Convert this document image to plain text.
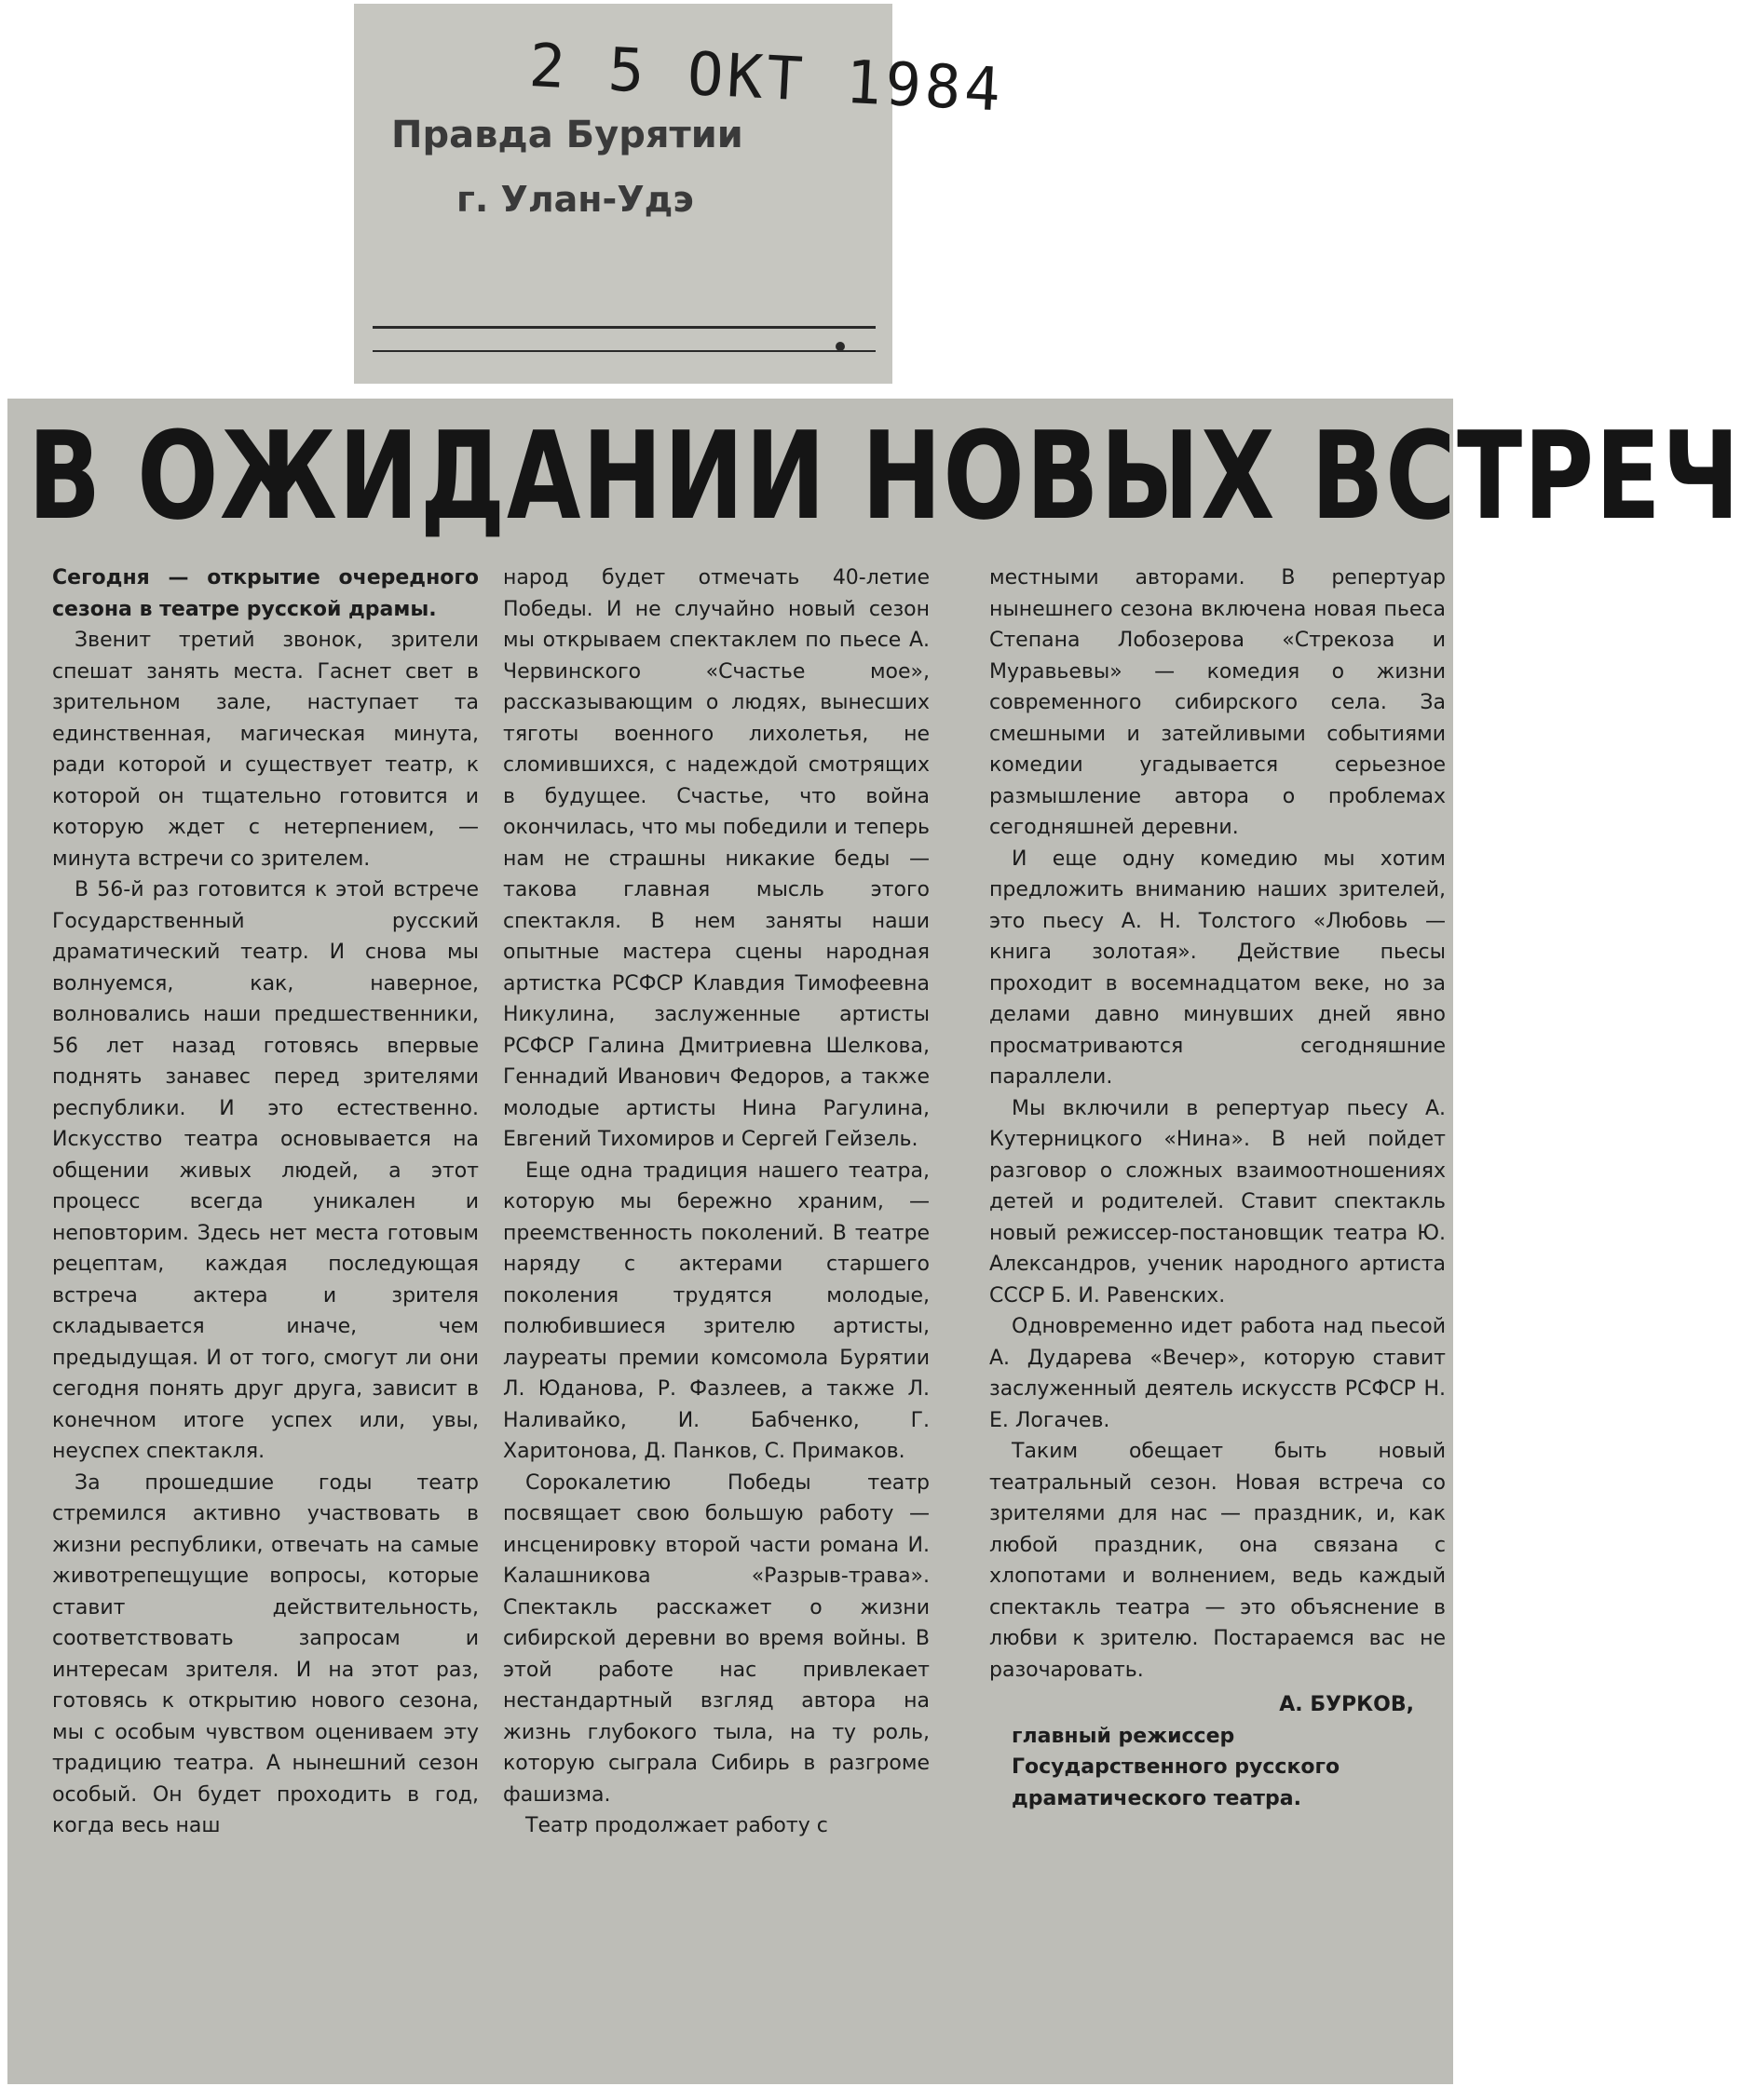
2 5 ОКТ 1984
Правда Бурятии
г. Улан-Удэ
В ОЖИДАНИИ НОВЫХ ВСТРЕЧ

Сегодня — открытие очередного сезона в театре русской драмы.

Звенит третий звонок, зрители спешат занять места. Гаснет свет в зрительном зале, наступает та единственная, магическая минута, ради которой и существует театр, к которой он тщательно готовится и которую ждет с нетерпением, — минута встречи со зрителем.

В 56-й раз готовится к этой встрече Государственный русский драматический театр. И снова мы волнуемся, как, наверное, волновались наши предшественники, 56 лет назад готовясь впервые поднять занавес перед зрителями республики. И это естественно. Искусство театра основывается на общении живых людей, а этот процесс всегда уникален и неповторим. Здесь нет места готовым рецептам, каждая последующая встреча актера и зрителя складывается иначе, чем предыдущая. И от того, смогут ли они сегодня понять друг друга, зависит в конечном итоге успех или, увы, неуспех спектакля.

За прошедшие годы театр стремился активно участвовать в жизни республики, отвечать на самые животрепещущие вопросы, которые ставит действительность, соответствовать запросам и интересам зрителя. И на этот раз, готовясь к открытию нового сезона, мы с особым чувством оцениваем эту традицию театра. А нынешний сезон особый. Он будет проходить в год, когда весь наш

народ будет отмечать 40-летие Победы. И не случайно новый сезон мы открываем спектаклем по пьесе А. Червинского «Счастье мое», рассказывающим о людях, вынесших тяготы военного лихолетья, не сломившихся, с надеждой смотрящих в будущее. Счастье, что война окончилась, что мы победили и теперь нам не страшны никакие беды — такова главная мысль этого спектакля. В нем заняты наши опытные мастера сцены народная артистка РСФСР Клавдия Тимофеевна Никулина, заслуженные артисты РСФСР Галина Дмитриевна Шелкова, Геннадий Иванович Федоров, а также молодые артисты Нина Рагулина, Евгений Тихомиров и Сергей Гейзель.

Еще одна традиция нашего театра, которую мы бережно храним, — преемственность поколений. В театре наряду с актерами старшего поколения трудятся молодые, полюбившиеся зрителю артисты, лауреаты премии комсомола Бурятии Л. Юданова, Р. Фазлеев, а также Л. Наливайко, И. Бабченко, Г. Харитонова, Д. Панков, С. Примаков.

Сорокалетию Победы театр посвящает свою большую работу — инсценировку второй части романа И. Калашникова «Разрыв-трава». Спектакль расскажет о жизни сибирской деревни во время войны. В этой работе нас привлекает нестандартный взгляд автора на жизнь глубокого тыла, на ту роль, которую сыграла Сибирь в разгроме фашизма.

Театр продолжает работу с

местными авторами. В репертуар нынешнего сезона включена новая пьеса Степана Лобозерова «Стрекоза и Муравьевы» — комедия о жизни современного сибирского села. За смешными и затейливыми событиями комедии угадывается серьезное размышление автора о проблемах сегодняшней деревни.

И еще одну комедию мы хотим предложить вниманию наших зрителей, это пьесу А. Н. Толстого «Любовь — книга золотая». Действие пьесы проходит в восемнадцатом веке, но за делами давно минувших дней явно просматриваются сегодняшние параллели.

Мы включили в репертуар пьесу А. Кутерницкого «Нина». В ней пойдет разговор о сложных взаимоотношениях детей и родителей. Ставит спектакль новый режиссер-постановщик театра Ю. Александров, ученик народного артиста СССР Б. И. Равенских.

Одновременно идет работа над пьесой А. Дударева «Вечер», которую ставит заслуженный деятель искусств РСФСР Н. Е. Логачев.

Таким обещает быть новый театральный сезон. Новая встреча со зрителями для нас — праздник, и, как любой праздник, она связана с хлопотами и волнением, ведь каждый спектакль театра — это объяснение в любви к зрителю. Постараемся вас не разочаровать.

А. БУРКОВ,

главный режиссер Государственного русского драматического театра.
